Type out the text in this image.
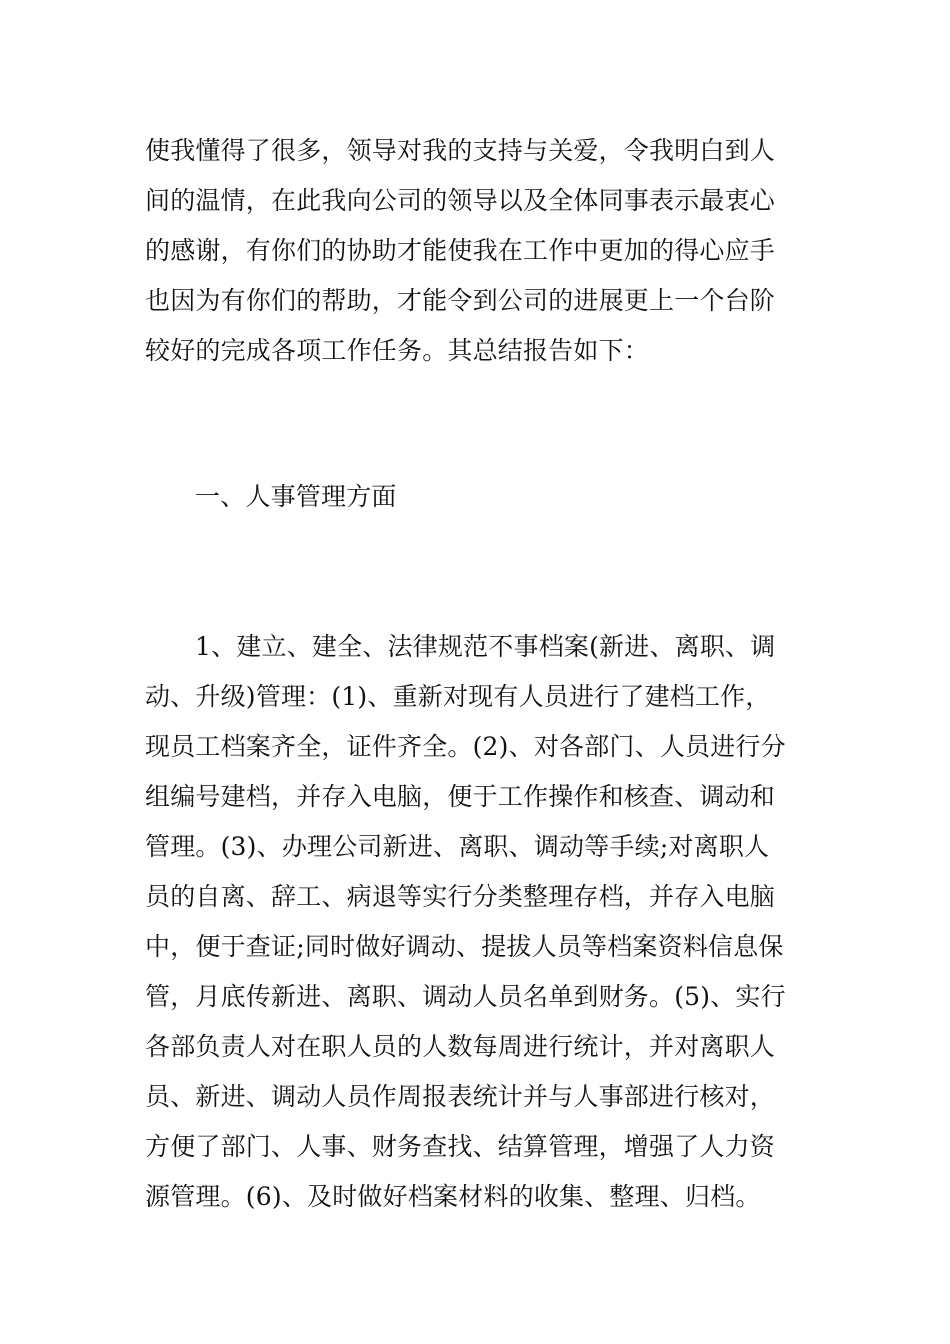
使我懂得了很多，领导对我的支持与关爱，令我明白到人
间的温情，在此我向公司的领导以及全体同事表示最衷心
的感谢，有你们的协助才能使我在工作中更加的得心应手
也因为有你们的帮助，才能令到公司的进展更上一个台阶
较好的完成各项工作任务。其总结报告如下：
一、人事管理方面
1、建立、建全、法律规范不事档案(新进、离职、调
动、升级)管理：(1)、重新对现有人员进行了建档工作，
现员工档案齐全，证件齐全。(2)、对各部门、人员进行分
组编号建档，并存入电脑，便于工作操作和核查、调动和
管理。(3)、办理公司新进、离职、调动等手续;对离职人
员的自离、辞工、病退等实行分类整理存档，并存入电脑
中，便于查证;同时做好调动、提拔人员等档案资料信息保
管，月底传新进、离职、调动人员名单到财务。(5)、实行
各部负责人对在职人员的人数每周进行统计，并对离职人
员、新进、调动人员作周报表统计并与人事部进行核对，
方便了部门、人事、财务查找、结算管理，增强了人力资
源管理。(6)、及时做好档案材料的收集、整理、归档。
